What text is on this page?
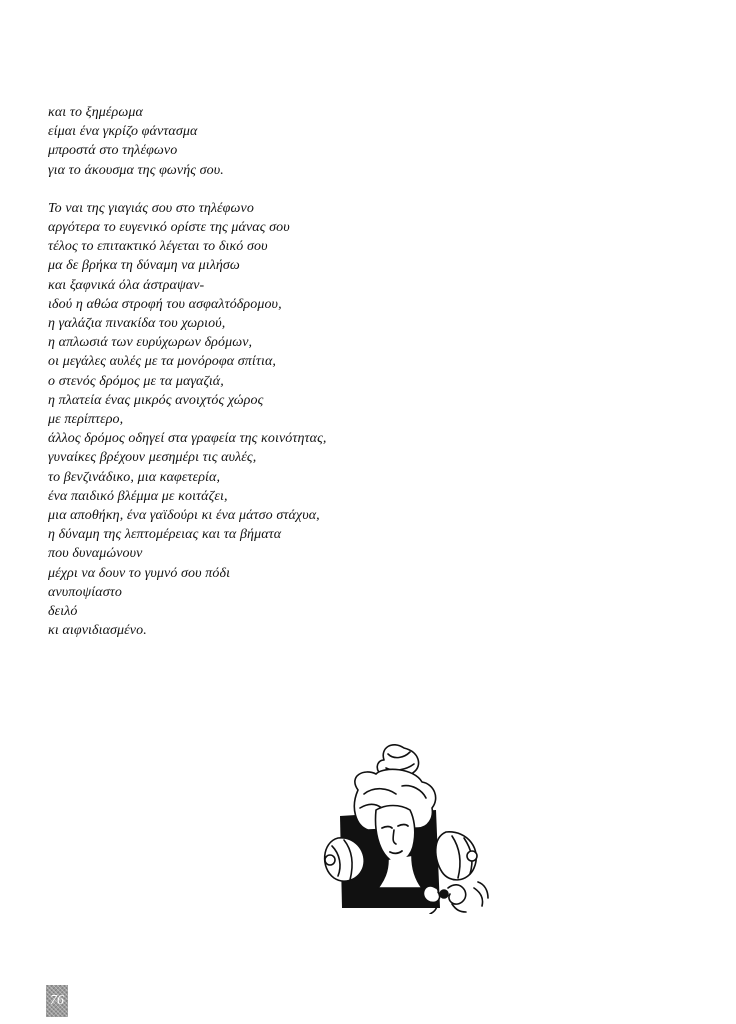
και το ξημέρωμα
είμαι ένα γκρίζο φάντασμα
μπροστά στο τηλέφωνο
για το άκουσμα της φωνής σου.

Το ναι της γιαγιάς σου στο τηλέφωνο
αργότερα το ευγενικό ορίστε της μάνας σου
τέλος το επιτακτικό λέγεται το δικό σου
μα δε βρήκα τη δύναμη να μιλήσω
και ξαφνικά όλα άστραψαν-
ιδού η αθώα στροφή του ασφαλτόδρομου,
η γαλάζια πινακίδα του χωριού,
η απλωσιά των ευρύχωρων δρόμων,
οι μεγάλες αυλές με τα μονόροφα σπίτια,
ο στενός δρόμος με τα μαγαζιά,
η πλατεία ένας μικρός ανοιχτός χώρος
με περίπτερο,
άλλος δρόμος οδηγεί στα γραφεία της κοινότητας,
γυναίκες βρέχουν μεσημέρι τις αυλές,
το βενζινάδικο, μια καφετερία,
ένα παιδικό βλέμμα με κοιτάζει,
μια αποθήκη, ένα γαϊδούρι κι ένα μάτσο στάχυα,
η δύναμη της λεπτομέρειας και τα βήματα
που δυναμώνουν
μέχρι να δουν το γυμνό σου πόδι
ανυποψίαστο
δειλό
κι αιφνιδιασμένο.

76
